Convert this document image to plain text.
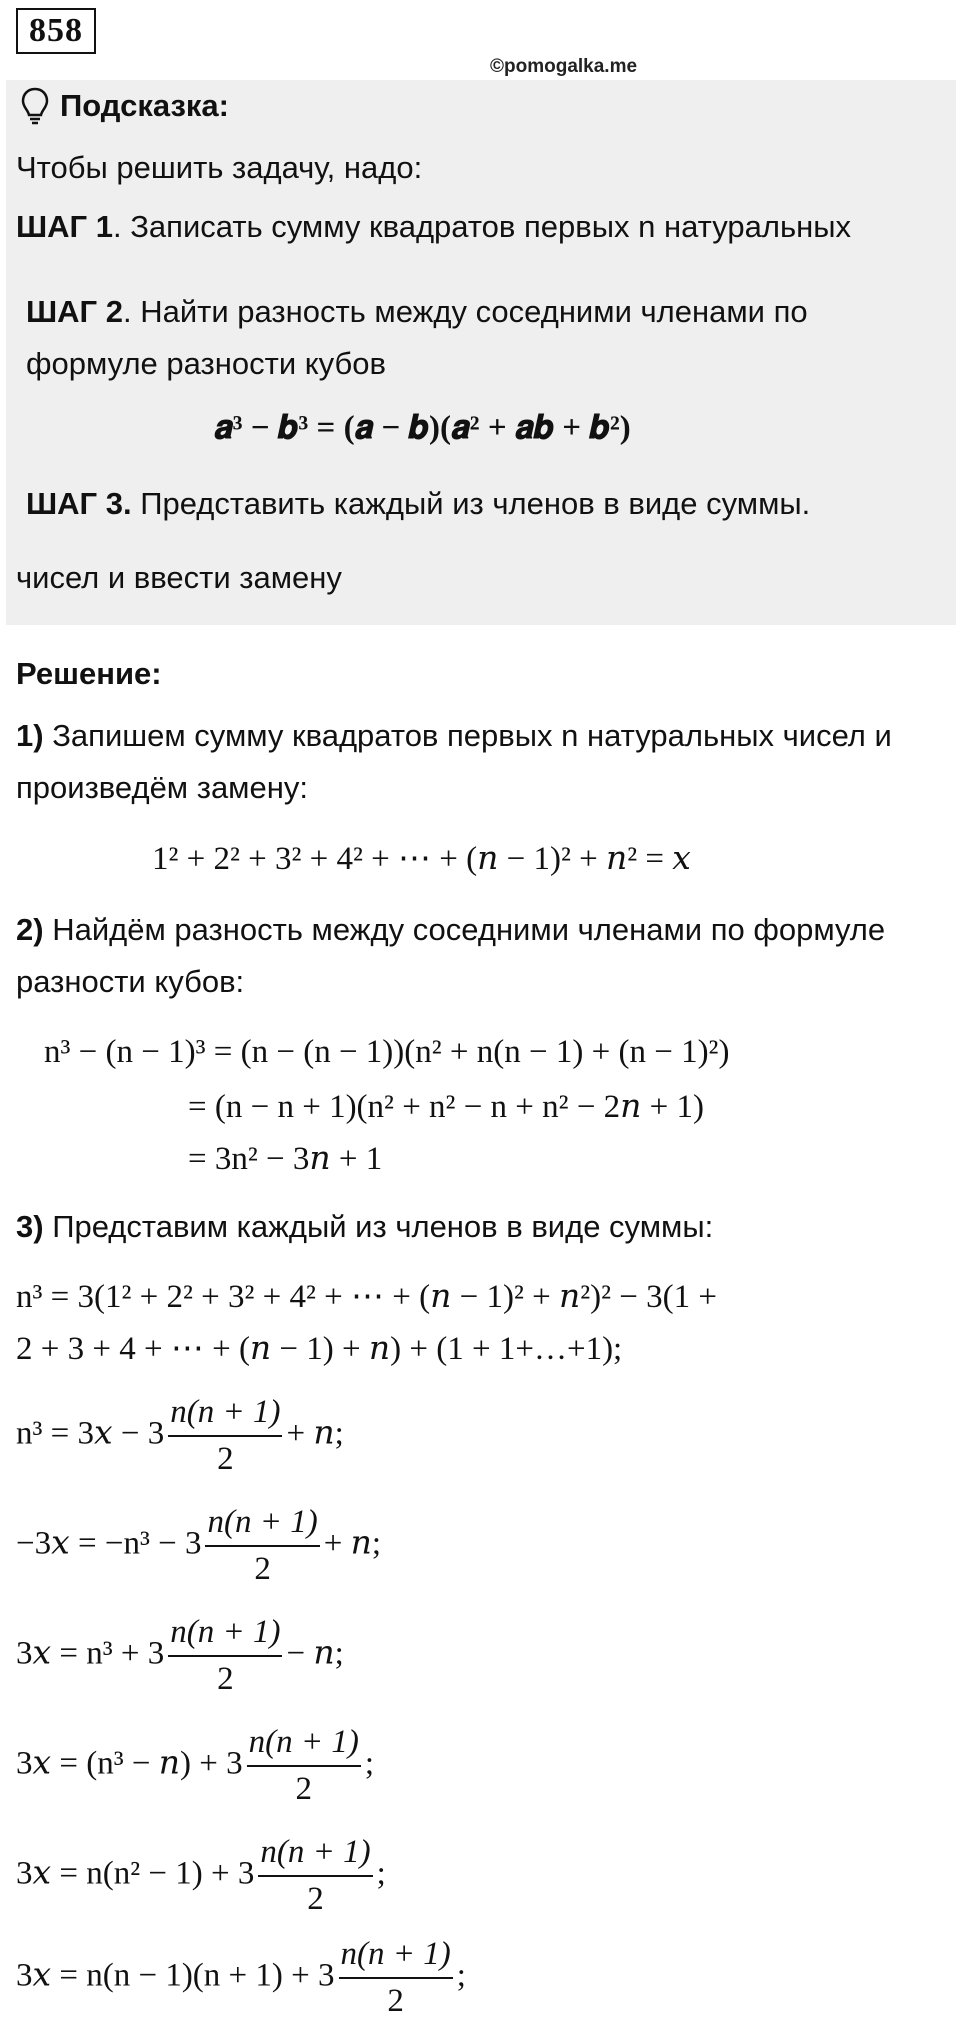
858
©pomogalka.me
Подсказка:
Чтобы решить задачу, надо:
ШАГ 1. Записать сумму квадратов первых n натуральных
ШАГ 2. Найти разность между соседними членами по
формуле разности кубов
𝒂³ − 𝒃³ = (𝒂 − 𝒃)(𝒂² + 𝒂𝒃 + 𝒃²)
ШАГ 3. Представить каждый из членов в виде суммы.
чисел и ввести замену
Решение:
1) Запишем сумму квадратов первых n натуральных чисел и
произведём замену:
1² + 2² + 3² + 4² + ⋯ + (𝑛 − 1)² + 𝑛² = 𝑥
2) Найдём разность между соседними членами по формуле
разности кубов:
n³ − (n − 1)³ = (n − (n − 1))(n² + n(n − 1) + (n − 1)²)
= (n − n + 1)(n² + n² − n + n² − 2𝑛 + 1)
= 3n² − 3𝑛 + 1
3) Представим каждый из членов в виде суммы:
n³ = 3(1² + 2² + 3² + 4² + ⋯ + (𝑛 − 1)² + 𝑛²)² − 3(1 +
2 + 3 + 4 + ⋯ + (𝑛 − 1) + 𝑛) + (1 + 1+…+1);
n³ = 3𝑥 − $3 \frac{n(n + 1)}{2}$ + 𝑛;
−3𝑥 = $-n^3 - 3 \frac{n(n + 1)}{2}$ + 𝑛;
3𝑥 = $n^3 + 3 \frac{n(n + 1)}{2}$ − 𝑛;
3𝑥 = (n³ − 𝑛) + $3 \frac{n(n + 1)}{2}$ ;
3𝑥 = $n(n^2 - 1) + 3 \frac{n(n + 1)}{2}$ ;
3𝑥 = $n(n - 1)(n + 1) + 3 \frac{n(n + 1)}{2}$ ;
